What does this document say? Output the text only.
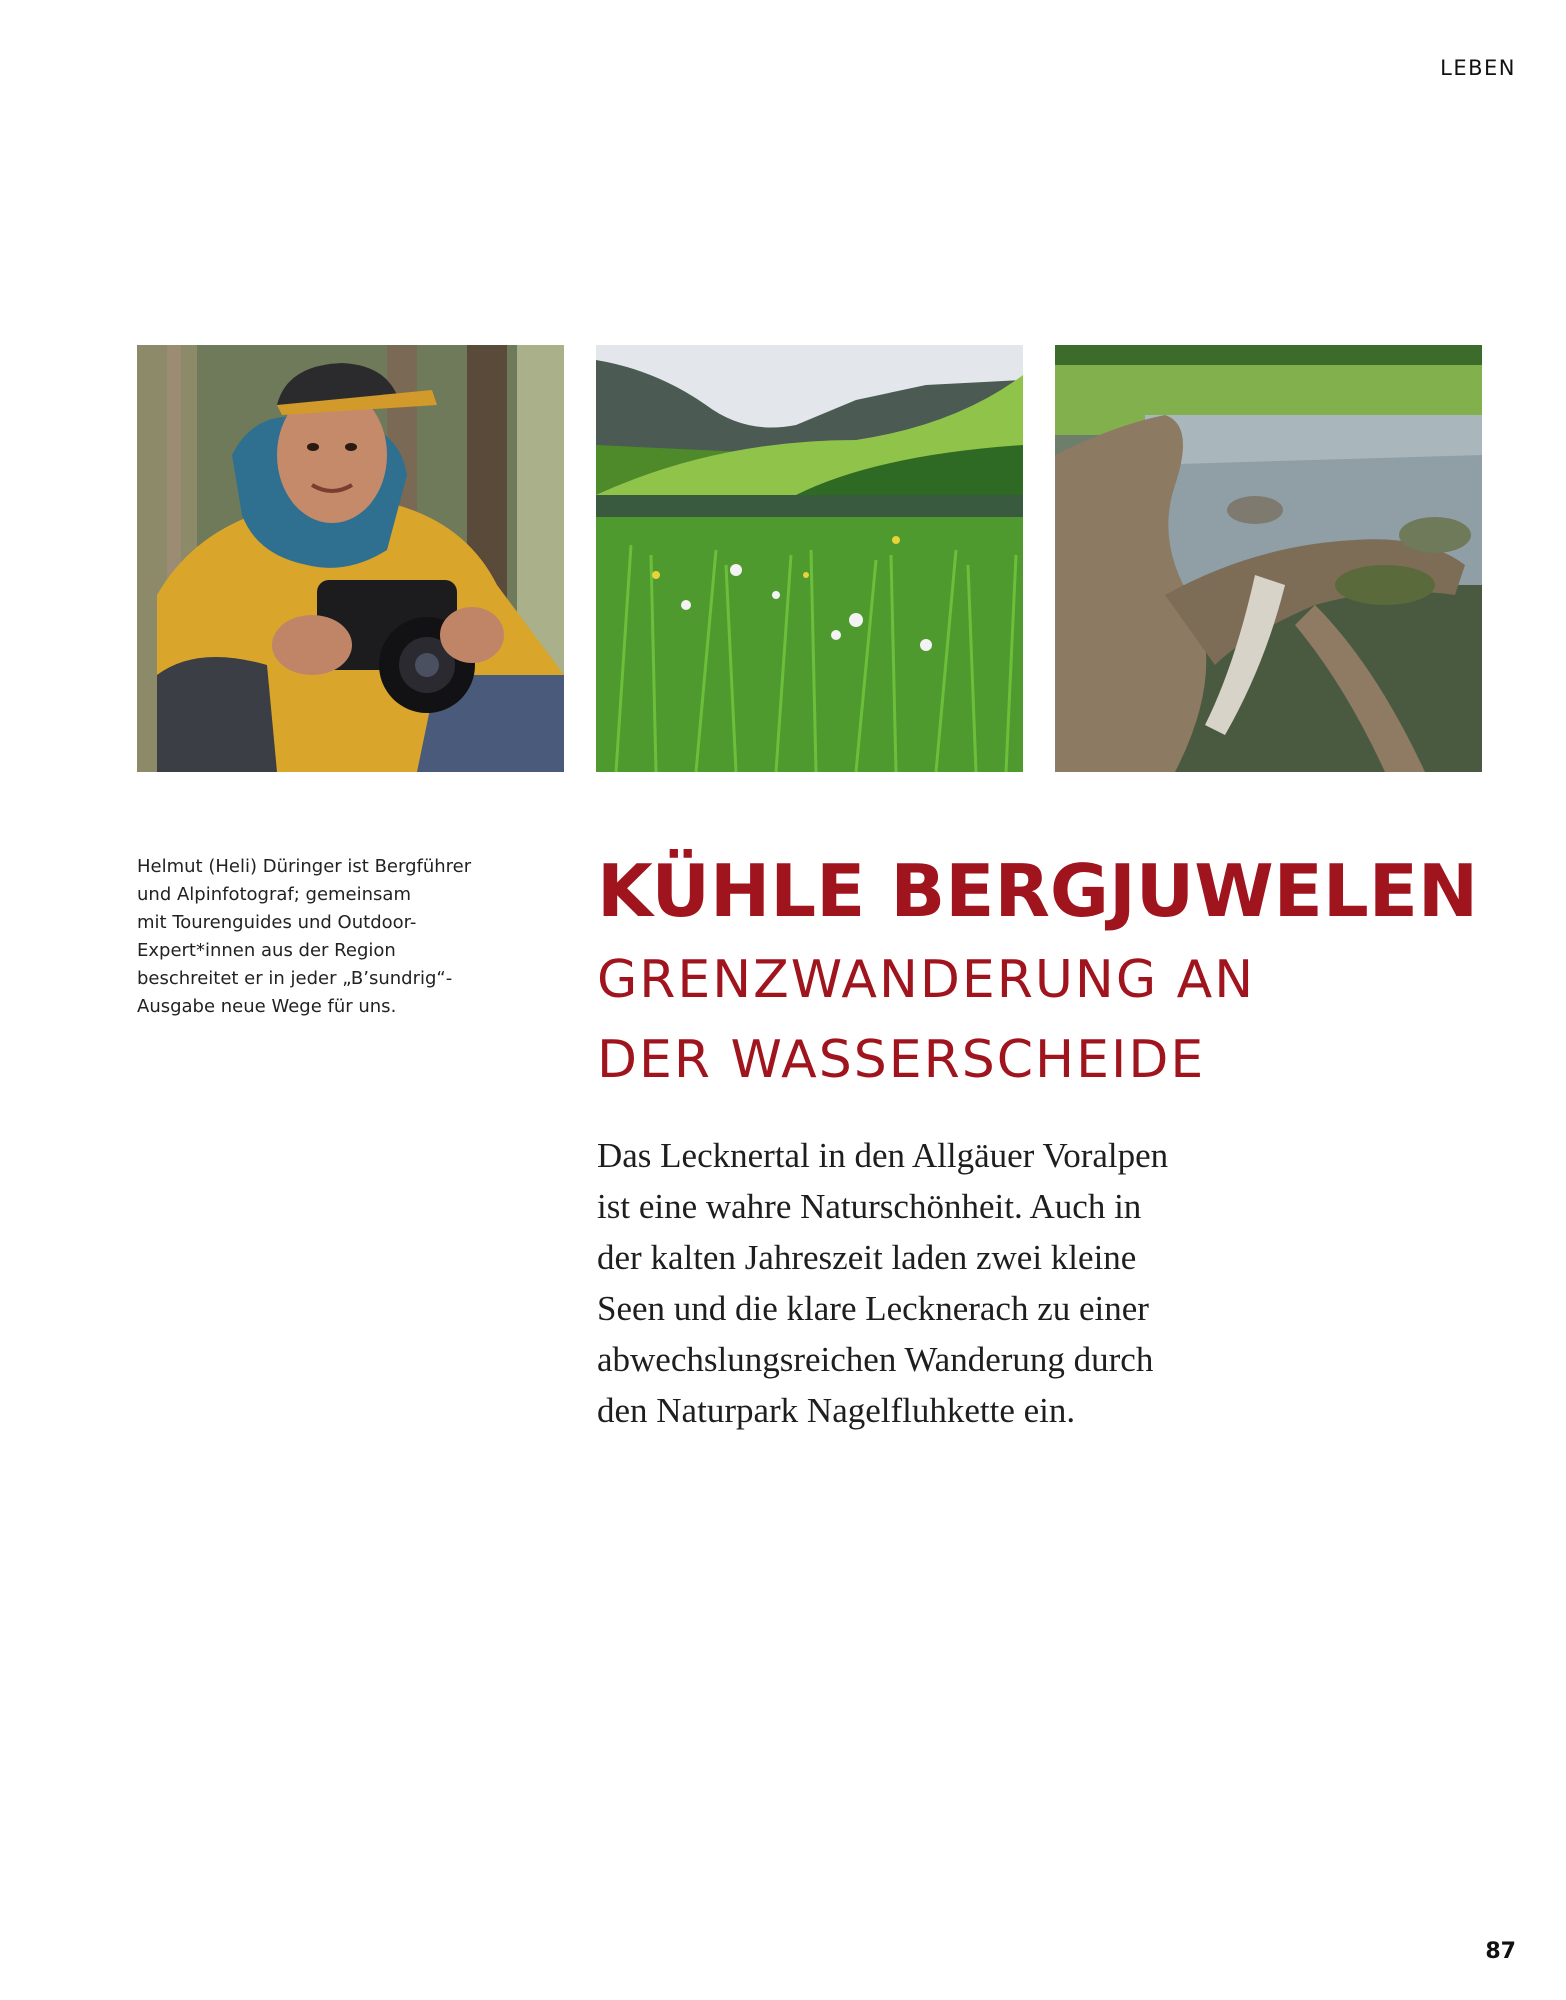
LEBEN
Helmut (Heli) Düringer ist Bergführer
und Alpinfotograf; gemeinsam
mit Tourenguides und Outdoor-
Expert*innen aus der Region
beschreitet er in jeder „B’sundrig“-
Ausgabe neue Wege für uns.
KÜHLE BERGJUWELEN
GRENZWANDERUNG AN
DER WASSERSCHEIDE

Das Lecknertal in den Allgäuer Voralpen
ist eine wahre Naturschönheit. Auch in
der kalten Jahreszeit laden zwei kleine
Seen und die klare Lecknerach zu einer
abwechslungsreichen Wanderung durch
den Naturpark Nagelfluhkette ein.

87
